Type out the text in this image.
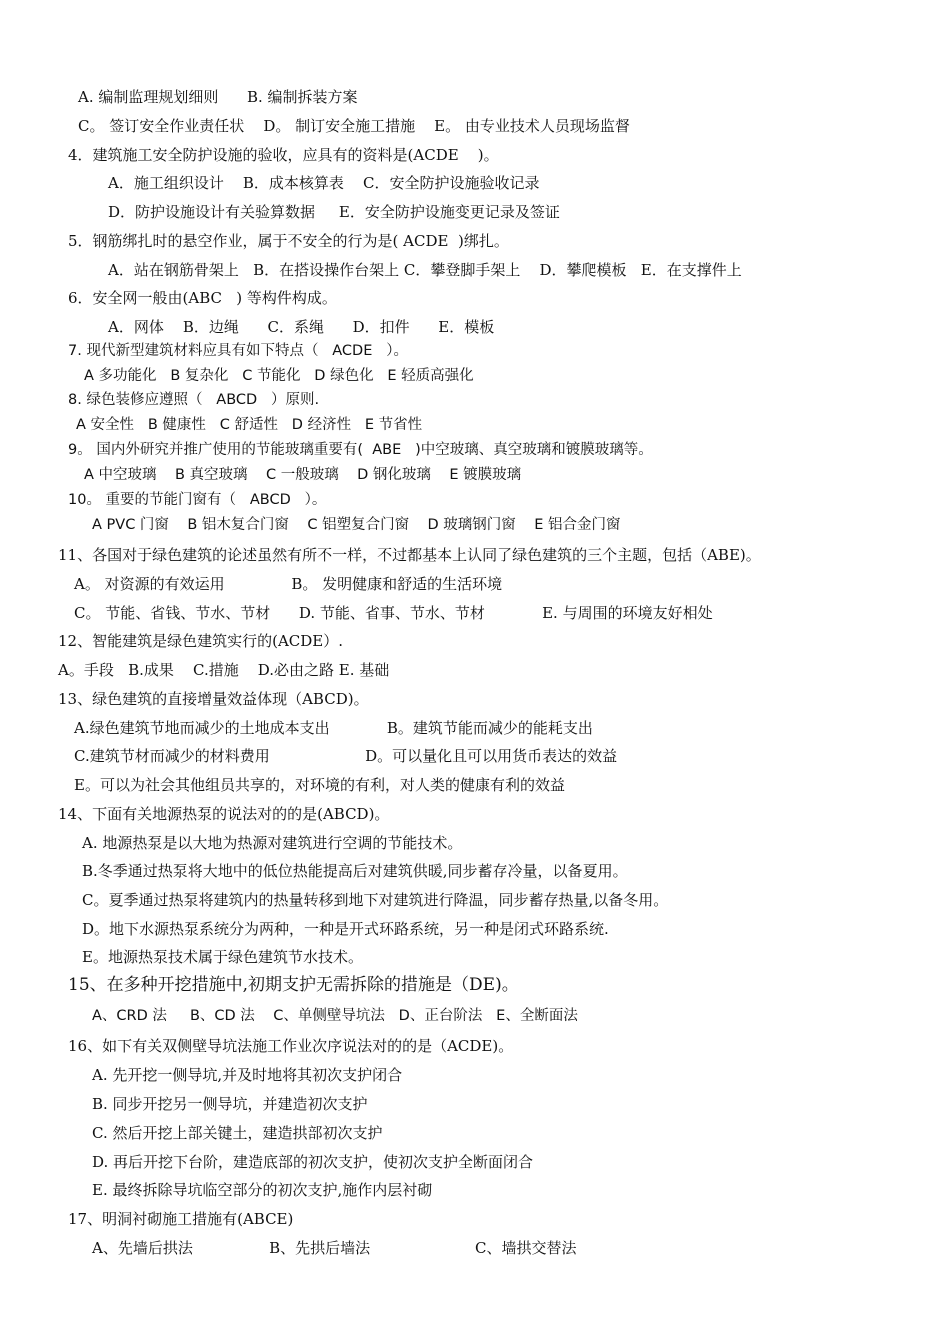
A. 编制监理规划细则      B. 编制拆装方案
C。 签订安全作业责任状    D。 制订安全施工措施    E。 由专业技术人员现场监督
4．建筑施工安全防护设施的验收，应具有的资料是(ACDE    )。
A．施工组织设计    B．成本核算表    C．安全防护设施验收记录
D．防护设施设计有关验算数据     E．安全防护设施变更记录及签证
5．钢筋绑扎时的悬空作业，属于不安全的行为是( ACDE  )绑扎。
A．站在钢筋骨架上   B．在搭设操作台架上 C．攀登脚手架上    D．攀爬模板   E．在支撑件上
6．安全网一般由(ABC   ) 等构件构成。
A．网体    B．边绳      C．系绳      D．扣件      E．模板
7. 现代新型建筑材料应具有如下特点（   ACDE   ）。
A 多功能化   B 复杂化   C 节能化   D 绿色化   E 轻质高强化
8. 绿色装修应遵照（   ABCD   ）原则.
A 安全性   B 健康性   C 舒适性   D 经济性   E 节省性
9。 国内外研究并推广使用的节能玻璃重要有(  ABE   )中空玻璃、真空玻璃和镀膜玻璃等。
A 中空玻璃    B 真空玻璃    C 一般玻璃    D 钢化玻璃    E 镀膜玻璃
10。 重要的节能门窗有（   ABCD   ）。
A PVC 门窗    B 铝木复合门窗    C 铝塑复合门窗    D 玻璃钢门窗    E 铝合金门窗
11、各国对于绿色建筑的论述虽然有所不一样，不过都基本上认同了绿色建筑的三个主题，包括（ABE)。
A。 对资源的有效运用              B。 发明健康和舒适的生活环境
C。 节能、省钱、节水、节材      D. 节能、省事、节水、节材            E. 与周围的环境友好相处
12、智能建筑是绿色建筑实行的(ACDE）.
A。手段   B.成果    C.措施    D.必由之路 E. 基础
13、绿色建筑的直接增量效益体现（ABCD)。
A.绿色建筑节地而减少的土地成本支出            B。建筑节能而减少的能耗支出
C.建筑节材而减少的材料费用                    D。可以量化且可以用货币表达的效益
E。可以为社会其他组员共享的，对环境的有利，对人类的健康有利的效益
14、下面有关地源热泵的说法对的的是(ABCD)。
A. 地源热泵是以大地为热源对建筑进行空调的节能技术。
B.冬季通过热泵将大地中的低位热能提高后对建筑供暖,同步蓄存冷量，以备夏用。
C。夏季通过热泵将建筑内的热量转移到地下对建筑进行降温，同步蓄存热量,以备冬用。
D。地下水源热泵系统分为两种，一种是开式环路系统，另一种是闭式环路系统.
E。地源热泵技术属于绿色建筑节水技术。
15、在多种开挖措施中,初期支护无需拆除的措施是（DE)。
A、CRD 法     B、CD 法    C、单侧壁导坑法   D、正台阶法   E、全断面法
16、如下有关双侧壁导坑法施工作业次序说法对的的是（ACDE)。
A. 先开挖一侧导坑,并及时地将其初次支护闭合
B. 同步开挖另一侧导坑，并建造初次支护
C. 然后开挖上部关键土，建造拱部初次支护
D. 再后开挖下台阶，建造底部的初次支护，使初次支护全断面闭合
E. 最终拆除导坑临空部分的初次支护,施作内层衬砌
17、明洞衬砌施工措施有(ABCE)
A、先墙后拱法                B、先拱后墙法                      C、墙拱交替法
